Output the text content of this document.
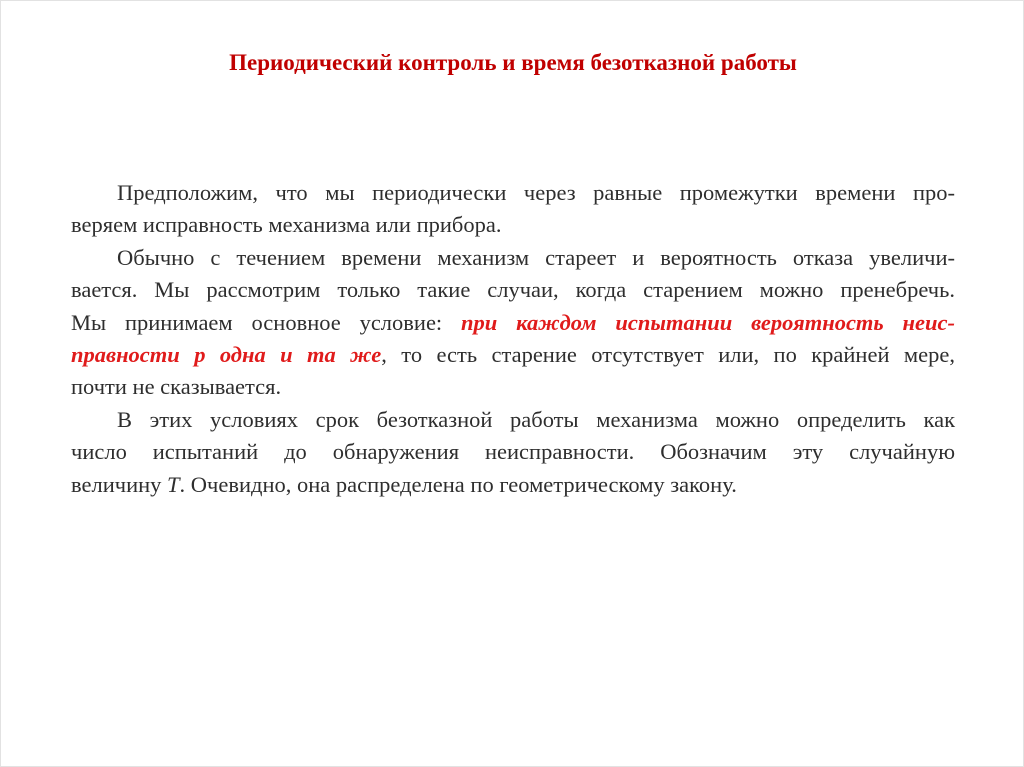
Периодический контроль и время безотказной работы
Предположим, что мы периодически через равные промежутки времени про-
веряем исправность механизма или прибора.
Обычно с течением времени механизм стареет и вероятность отказа увеличи-
вается. Мы рассмотрим только такие случаи, когда старением можно пренебречь.
Мы принимаем основное условие: при каждом испытании вероятность неис-
правности p одна и та же, то есть старение отсутствует или, по крайней мере,
почти не сказывается.
В этих условиях срок безотказной работы механизма можно определить как
число испытаний до обнаружения неисправности. Обозначим эту случайную
величину T. Очевидно, она распределена по геометрическому закону.
